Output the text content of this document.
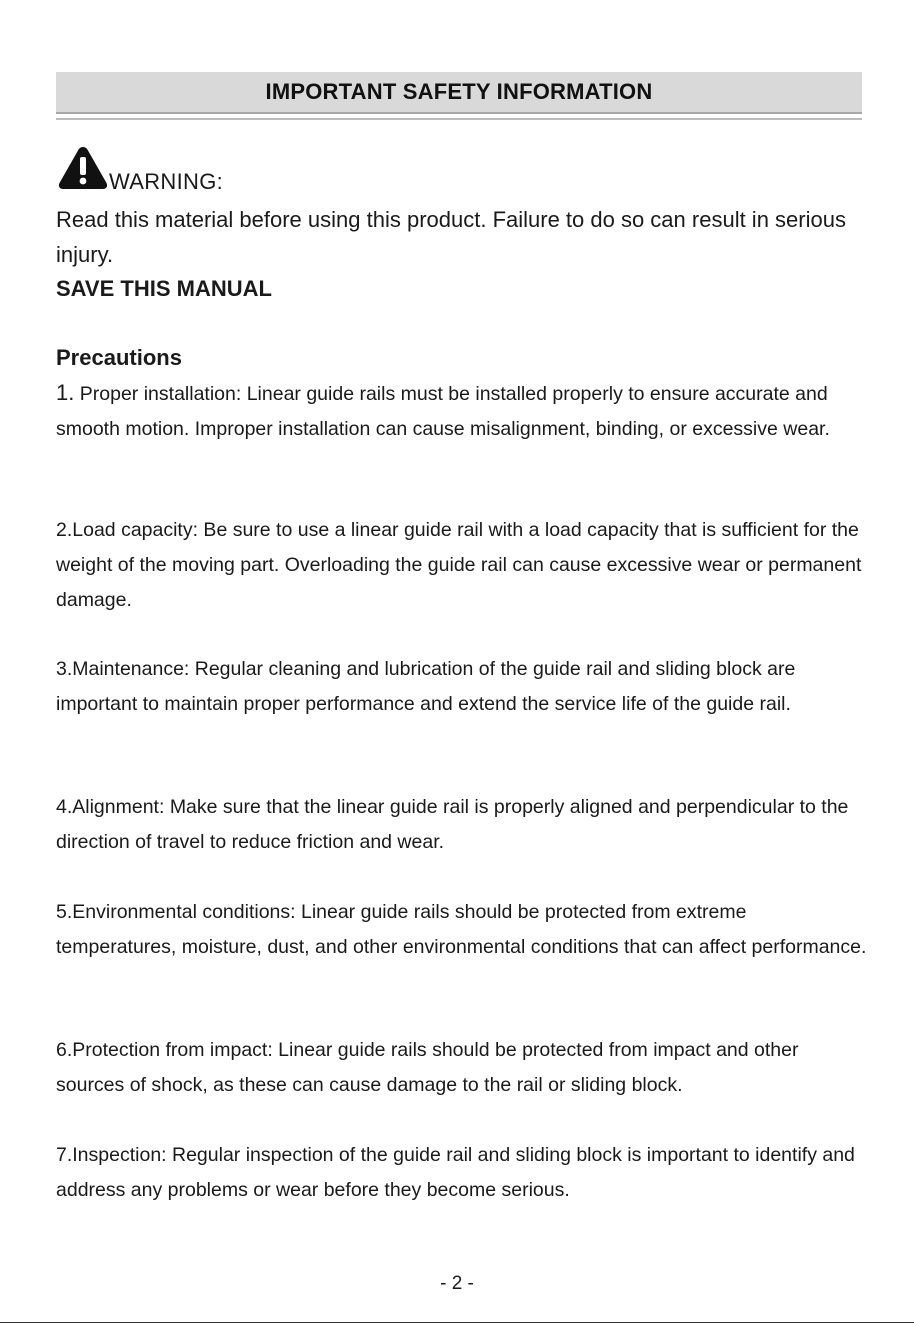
IMPORTANT SAFETY INFORMATION
WARNING:

Read this material before using this product. Failure to do so can result in serious injury.

SAVE THIS MANUAL

Precautions

1. Proper installation: Linear guide rails must be installed properly to ensure accurate and smooth motion. Improper installation can cause misalignment, binding, or excessive wear.

2.Load capacity: Be sure to use a linear guide rail with a load capacity that is sufficient for the weight of the moving part. Overloading the guide rail can cause excessive wear or permanent damage.

3.Maintenance: Regular cleaning and lubrication of the guide rail and sliding block are important to maintain proper performance and extend the service life of the guide rail.

4.Alignment: Make sure that the linear guide rail is properly aligned and perpendicular to the direction of travel to reduce friction and wear.

5.Environmental conditions: Linear guide rails should be protected from extreme temperatures, moisture, dust, and other environmental conditions that can affect performance.

6.Protection from impact: Linear guide rails should be protected from impact and other sources of shock, as these can cause damage to the rail or sliding block.

7.Inspection: Regular inspection of the guide rail and sliding block is important to identify and address any problems or wear before they become serious.

- 2 -
